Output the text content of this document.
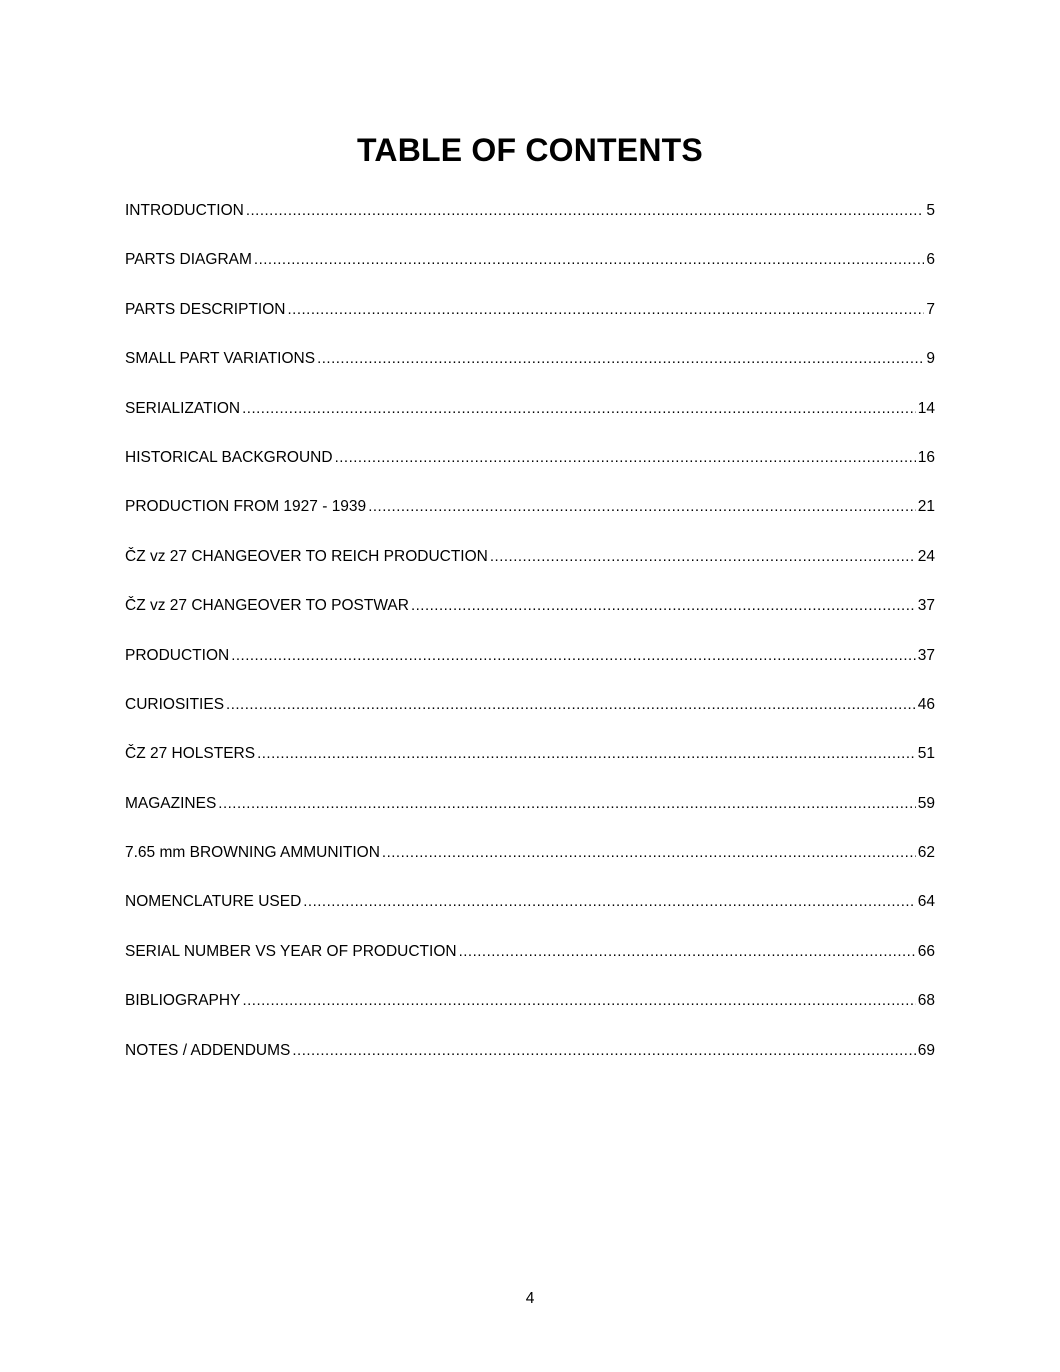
TABLE OF CONTENTS
INTRODUCTION .....	5
PARTS DIAGRAM .....	6
PARTS DESCRIPTION .....	7
SMALL PART VARIATIONS .....	9
SERIALIZATION .....	14
HISTORICAL BACKGROUND .....	16
PRODUCTION FROM 1927 - 1939 .....	21
ČZ vz 27 CHANGEOVER TO REICH PRODUCTION .....	24
ČZ vz 27 CHANGEOVER TO POSTWAR .....	37
PRODUCTION .....	37
CURIOSITIES .....	46
ČZ 27 HOLSTERS .....	51
MAGAZINES .....	59
7.65 mm BROWNING AMMUNITION .....	62
NOMENCLATURE USED .....	64
SERIAL NUMBER VS YEAR OF PRODUCTION .....	66
BIBLIOGRAPHY .....	68
NOTES / ADDENDUMS .....	69
4
